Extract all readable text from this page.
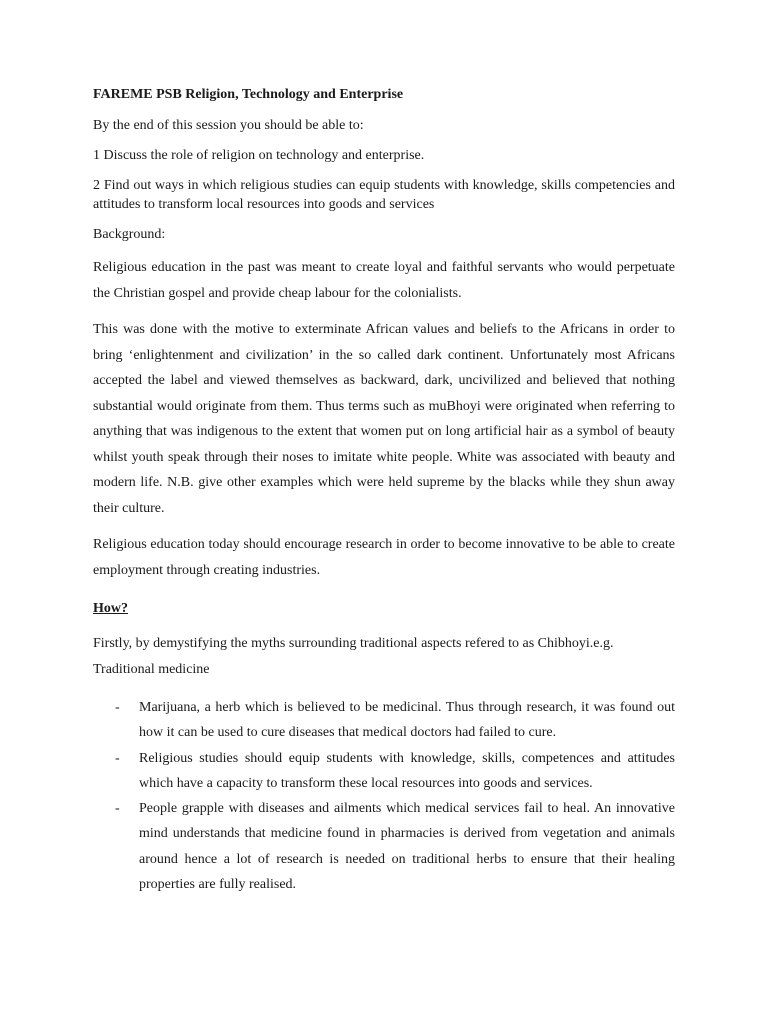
FAREME PSB Religion, Technology and Enterprise

By the end of this session you should be able to:

1 Discuss the role of religion on technology and enterprise.

2 Find out ways in which religious studies can equip students with knowledge, skills competencies and attitudes to transform local resources into goods and services

Background:

Religious education in the past was meant to create loyal and faithful servants who would perpetuate the Christian gospel and provide cheap labour for the colonialists.

This was done with the motive to exterminate African values and beliefs to the Africans in order to bring ‘enlightenment and civilization’ in the so called dark continent. Unfortunately most Africans accepted the label and viewed themselves as backward, dark, uncivilized and believed that nothing substantial would originate from them. Thus terms such as muBhoyi were originated when referring to anything that was indigenous to the extent that women put on long artificial hair as a symbol of beauty whilst youth speak through their noses to imitate white people. White was associated with beauty and modern life. N.B. give other examples which were held supreme by the blacks while they shun away their culture.

Religious education today should encourage research in order to become innovative to be able to create employment through creating industries.

How?

Firstly, by demystifying the myths surrounding traditional aspects refered to as Chibhoyi.e.g. Traditional medicine

- Marijuana, a herb which is believed to be medicinal. Thus through research, it was found out how it can be used to cure diseases that medical doctors had failed to cure.
- Religious studies should equip students with knowledge, skills, competences and attitudes which have a capacity to transform these local resources into goods and services.
- People grapple with diseases and ailments which medical services fail to heal. An innovative mind understands that medicine found in pharmacies is derived from vegetation and animals around hence a lot of research is needed on traditional herbs to ensure that their healing properties are fully realised.
